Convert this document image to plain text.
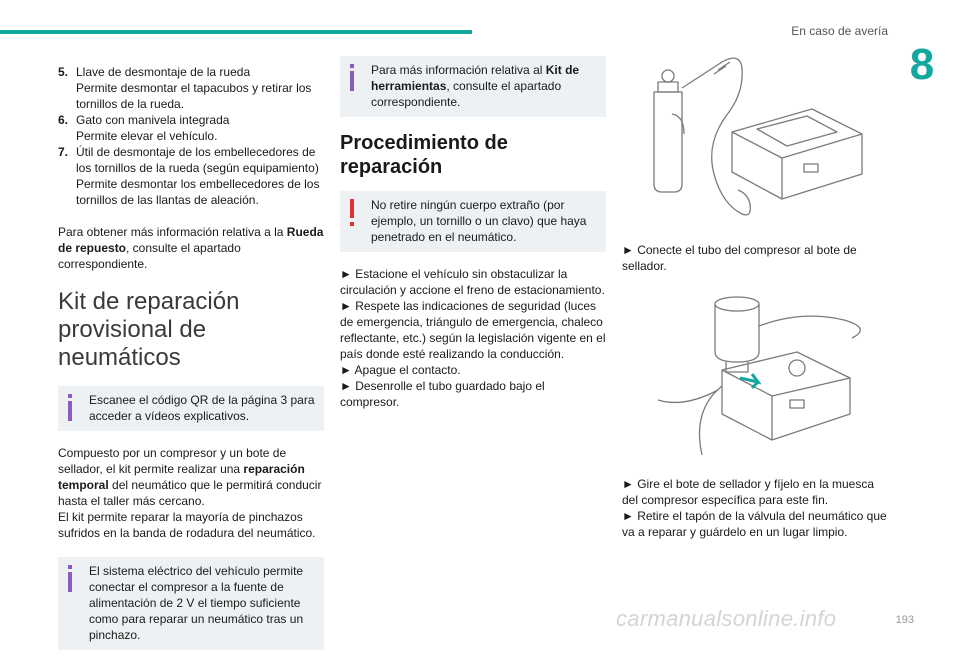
En caso de avería
8
5. Llave de desmontaje de la rueda
Permite desmontar el tapacubos y retirar los tornillos de la rueda.
6. Gato con manivela integrada
Permite elevar el vehículo.
7. Útil de desmontaje de los embellecedores de los tornillos de la rueda (según equipamiento)
Permite desmontar los embellecedores de los tornillos de las llantas de aleación.

Para obtener más información relativa a la Rueda de repuesto, consulte el apartado correspondiente.

Kit de reparación provisional de neumáticos
Escanee el código QR de la página 3 para acceder a vídeos explicativos.

Compuesto por un compresor y un bote de sellador, el kit permite realizar una reparación temporal del neumático que le permitirá conducir hasta el taller más cercano.
El kit permite reparar la mayoría de pinchazos sufridos en la banda de rodadura del neumático.

El sistema eléctrico del vehículo permite conectar el compresor a la fuente de alimentación de 2 V el tiempo suficiente como para reparar un neumático tras un pinchazo.
Para más información relativa al Kit de herramientas, consulte el apartado correspondiente.
Procedimiento de reparación
No retire ningún cuerpo extraño (por ejemplo, un tornillo o un clavo) que haya penetrado en el neumático.
► Estacione el vehículo sin obstaculizar la circulación y accione el freno de estacionamiento.
► Respete las indicaciones de seguridad (luces de emergencia, triángulo de emergencia, chaleco reflectante, etc.) según la legislación vigente en el país donde esté realizando la conducción.
► Apague el contacto.
► Desenrolle el tubo guardado bajo el compresor.

► Conecte el tubo del compresor al bote de sellador.

► Gire el bote de sellador y fíjelo en la muesca del compresor específica para este fin.
► Retire el tapón de la válvula del neumático que va a reparar y guárdelo en un lugar limpio.
carmanualsonline.info	193
